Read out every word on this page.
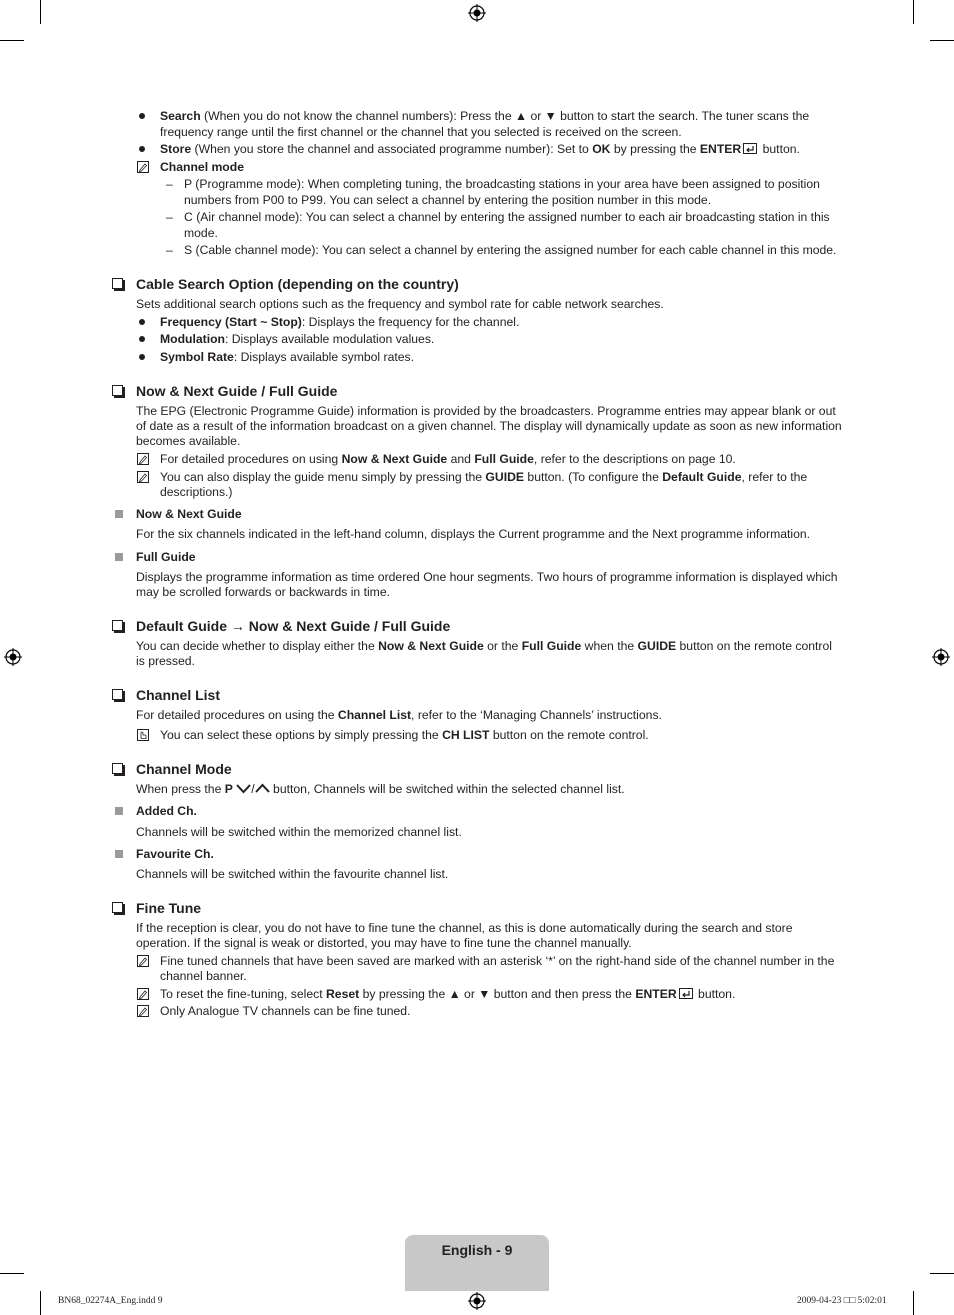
Search (When you do not know the channel numbers): Press the ▲ or ▼ button to start the search. The tuner scans the
frequency range until the first channel or the channel that you selected is received on the screen.
Store (When you store the channel and associated programme number): Set to OK by pressing the ENTER button.
Channel mode
– P (Programme mode): When completing tuning, the broadcasting stations in your area have been assigned to position
numbers from P00 to P99. You can select a channel by entering the position number in this mode.
– C (Air channel mode): You can select a channel by entering the assigned number to each air broadcasting station in this
mode.
– S (Cable channel mode): You can select a channel by entering the assigned number for each cable channel in this mode.
Cable Search Option (depending on the country)
Sets additional search options such as the frequency and symbol rate for cable network searches.
Frequency (Start ~ Stop): Displays the frequency for the channel.
Modulation: Displays available modulation values.
Symbol Rate: Displays available symbol rates.
Now & Next Guide / Full Guide
The EPG (Electronic Programme Guide) information is provided by the broadcasters. Programme entries may appear blank or out
of date as a result of the information broadcast on a given channel. The display will dynamically update as soon as new information
becomes available.
For detailed procedures on using Now & Next Guide and Full Guide, refer to the descriptions on page 10.
You can also display the guide menu simply by pressing the GUIDE button. (To configure the Default Guide, refer to the
descriptions.)
Now & Next Guide
For the six channels indicated in the left-hand column, displays the Current programme and the Next programme information.
Full Guide
Displays the programme information as time ordered One hour segments. Two hours of programme information is displayed which
may be scrolled forwards or backwards in time.
Default Guide → Now & Next Guide / Full Guide
You can decide whether to display either the Now & Next Guide or the Full Guide when the GUIDE button on the remote control
is pressed.
Channel List
For detailed procedures on using the Channel List, refer to the ‘Managing Channels’ instructions.
You can select these options by simply pressing the CH LIST button on the remote control.
Channel Mode
When press the P / button, Channels will be switched within the selected channel list.
Added Ch.
Channels will be switched within the memorized channel list.
Favourite Ch.
Channels will be switched within the favourite channel list.
Fine Tune
If the reception is clear, you do not have to fine tune the channel, as this is done automatically during the search and store
operation. If the signal is weak or distorted, you may have to fine tune the channel manually.
Fine tuned channels that have been saved are marked with an asterisk ‘*’ on the right-hand side of the channel number in the
channel banner.
To reset the fine-tuning, select Reset by pressing the ▲ or ▼ button and then press the ENTER button.
Only Analogue TV channels can be fine tuned.
English - 9
BN68_02274A_Eng.indd 9	2009-04-23 □□ 5:02:01
